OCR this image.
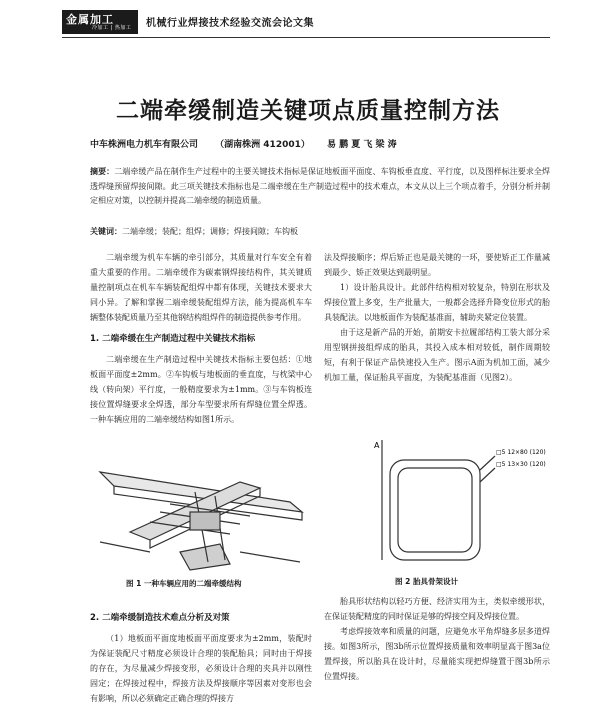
金属加工
冷加工 | 热加工 机械行业焊接技术经验交流会论文集
二端牵缓制造关键项点质量控制方法
中车株洲电力机车有限公司 （湖南株洲 412001） 易 鹏 夏 飞 梁 涛
摘要：二端牵缓产品在制作生产过程中的主要关键技术指标是保证地板面平面度、车钩板垂直度、平行度，以及图样标注要求全焊透焊缝预留焊接间隙。此三项关键技术指标也是二端牵缓在生产制造过程中的技术难点，本文从以上三个项点着手，分别分析并制定相应对策，以控制并提高二端牵缓的制造质量。
关键词：二端牵缓；装配；组焊；调修；焊接间隙；车钩板

二端牵缓为机车车辆的牵引部分，其质量对行车安全有着重大重要的作用。二端牵缓作为碳素钢焊接结构件，其关键质量控制项点在机车车辆装配组焊中都有体现，关键技术要求大同小异。了解和掌握二端牵缓装配组焊方法，能为提高机车车辆整体装配质量乃至其他钢结构组焊件的制造提供参考作用。

1. 二端牵缓在生产制造过程中关键技术指标

二端牵缓在生产制造过程中关键技术指标主要包括：①地板面平面度±2mm。②车钩板与地板面的垂直度，与枕梁中心线（转向架）平行度，一般精度要求为±1mm。③与车钩板连接位置焊缝要求全焊透，部分车型要求所有焊缝位置全焊透。一种车辆应用的二端牵缓结构如图1所示。

图 1 一种车辆应用的二端牵缓结构
2. 二端牵缓制造技术难点分析及对策

（1）地板面平面度地板面平面度要求为±2mm，装配时为保证装配尺寸精度必须设计合理的装配胎具；同时由于焊接的存在，为尽量减少焊接变形，必须设计合理的夹具并以刚性固定；在焊接过程中，焊接方法及焊接顺序等因素对变形也会有影响，所以必须确定正确合理的焊接方

法及焊接顺序；焊后矫正也是最关键的一环，要使矫正工作量减到最少、矫正效果达到最明显。

1）设计胎具设计。此部件结构相对较复杂，特别在形状及焊接位置上多变，生产批量大，一般都会选择升降变位形式的胎具装配法。以地板面作为装配基准面，辅助夹紧定位装置。

由于这是新产品的开始，前期安卡拉履部结构工装大部分采用型钢拼接组焊成的胎具，其投入成本相对较低，制作周期较短，有利于保证产品快速投入生产。图示A面为机加工面，减少机加工量，保证胎具平面度，为装配基准面（见图2）。

A
□5 12×80 (120)
□5 13×30 (120)
图 2 胎具骨架设计

胎具形状结构以轻巧方便、经济实用为主，类似牵缓形状，在保证装配精度的同时保证是够的焊接空间及焊接位置。

考虑焊接效率和质量的问题，应避免水平角焊缝多层多道焊接。如图3所示，图3b所示位置焊接质量和效率明显高于图3a位置焊接，所以胎具在设计时，尽量能实现把焊缝置于图3b所示位置焊接。
